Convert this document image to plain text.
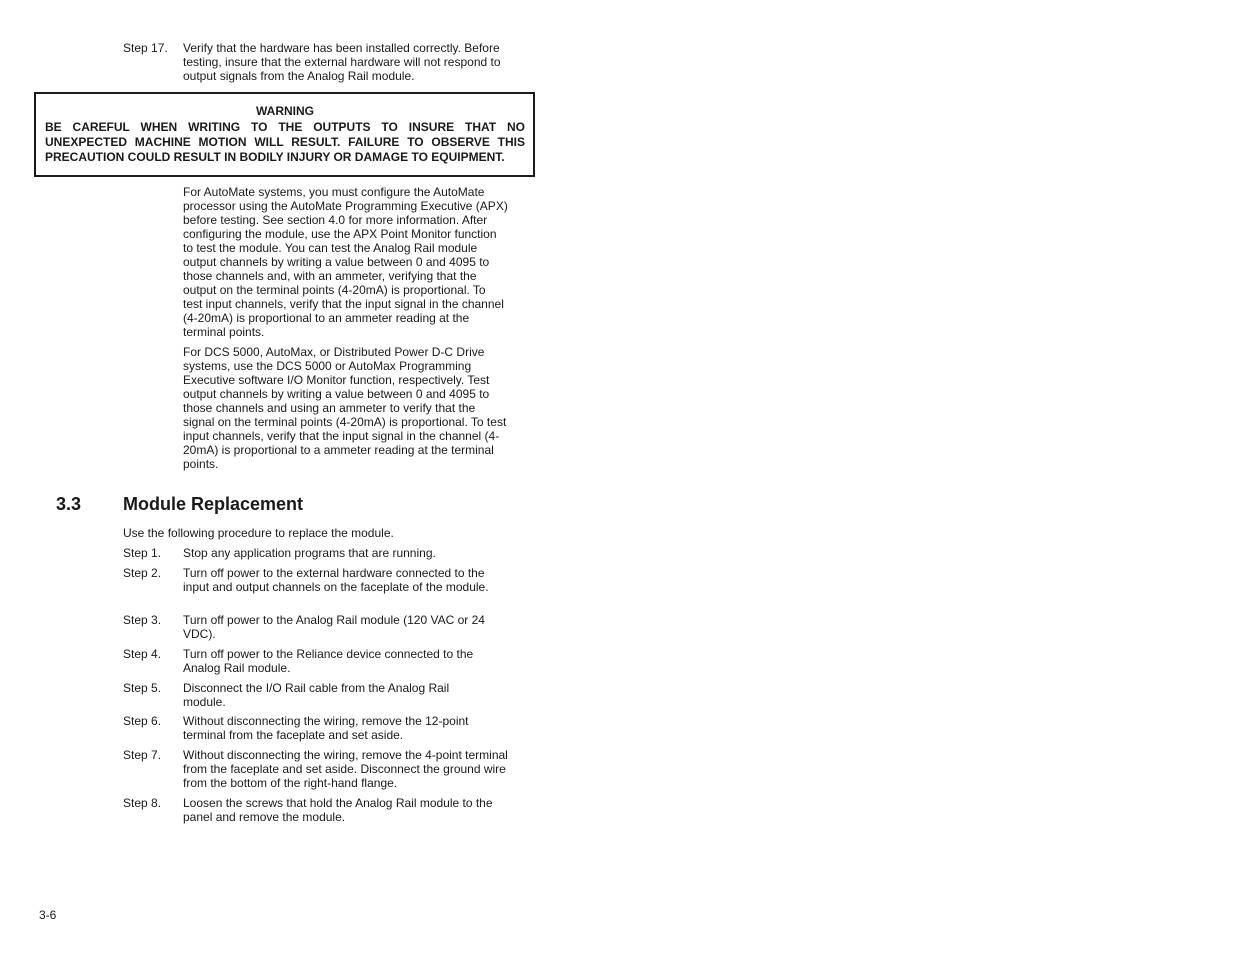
Step 17.	Verify that the hardware has been installed correctly. Before testing, insure that the external hardware will not respond to output signals from the Analog Rail module.
WARNING
BE CAREFUL WHEN WRITING TO THE OUTPUTS TO INSURE THAT NO UNEXPECTED MACHINE MOTION WILL RESULT. FAILURE TO OBSERVE THIS PRECAUTION COULD RESULT IN BODILY INJURY OR DAMAGE TO EQUIPMENT.
For AutoMate systems, you must configure the AutoMate processor using the AutoMate Programming Executive (APX) before testing. See section 4.0 for more information. After configuring the module, use the APX Point Monitor function to test the module. You can test the Analog Rail module output channels by writing a value between 0 and 4095 to those channels and, with an ammeter, verifying that the output on the terminal points (4-20mA) is proportional. To test input channels, verify that the input signal in the channel (4-20mA) is proportional to an ammeter reading at the terminal points.
For DCS 5000, AutoMax, or Distributed Power D-C Drive systems, use the DCS 5000 or AutoMax Programming Executive software I/O Monitor function, respectively. Test output channels by writing a value between 0 and 4095 to those channels and using an ammeter to verify that the signal on the terminal points (4-20mA) is proportional. To test input channels, verify that the input signal in the channel (4-20mA) is proportional to a ammeter reading at the terminal points.
3.3	Module Replacement
Use the following procedure to replace the module.
Step 1.	Stop any application programs that are running.
Step 2.	Turn off power to the external hardware connected to the input and output channels on the faceplate of the module.
Step 3.	Turn off power to the Analog Rail module (120 VAC or 24 VDC).
Step 4.	Turn off power to the Reliance device connected to the Analog Rail module.
Step 5.	Disconnect the I/O Rail cable from the Analog Rail module.
Step 6.	Without disconnecting the wiring, remove the 12-point terminal from the faceplate and set aside.
Step 7.	Without disconnecting the wiring, remove the 4-point terminal from the faceplate and set aside. Disconnect the ground wire from the bottom of the right-hand flange.
Step 8.	Loosen the screws that hold the Analog Rail module to the panel and remove the module.
3-6
